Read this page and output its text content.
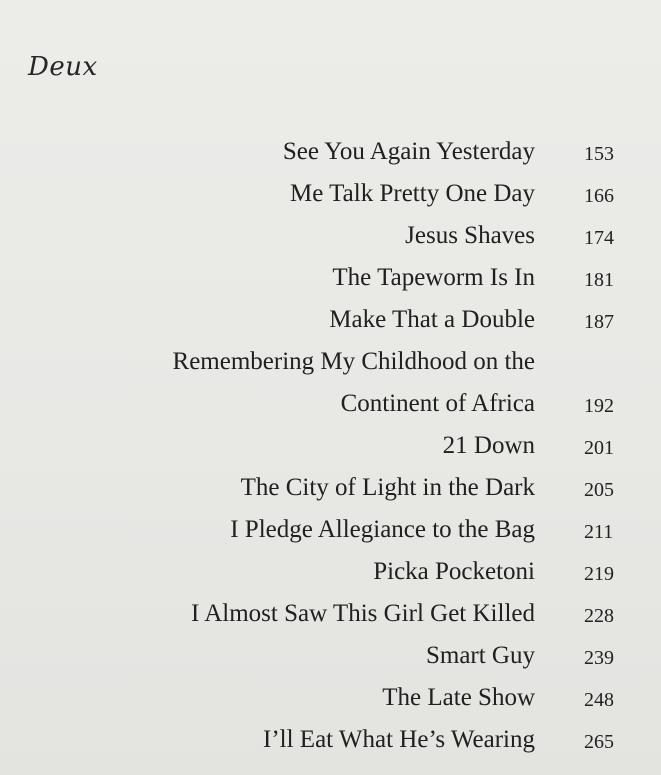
Deux
See You Again Yesterday 153
Me Talk Pretty One Day 166
Jesus Shaves 174
The Tapeworm Is In 181
Make That a Double 187
Remembering My Childhood on the
Continent of Africa 192
21 Down 201
The City of Light in the Dark 205
I Pledge Allegiance to the Bag 211
Picka Pocketoni 219
I Almost Saw This Girl Get Killed 228
Smart Guy 239
The Late Show 248
I’ll Eat What He’s Wearing 265
